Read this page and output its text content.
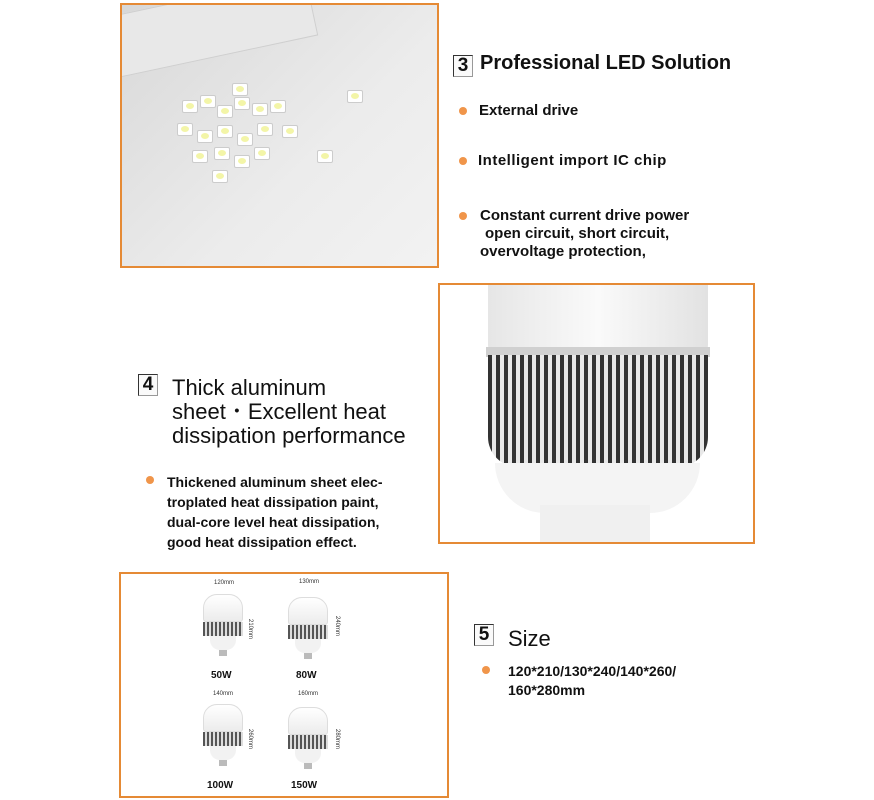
3 Professional LED Solution
External drive
Intelligent import IC chip
Constant current drive power
open circuit, short circuit,
overvoltage protection,
4 Thick aluminum
sheet・Excellent heat
dissipation performance
Thickened aluminum sheet elec-
troplated heat dissipation paint,
dual-core level heat dissipation,
good heat dissipation effect.
120mm
210mm
50W
130mm
240mm
80W
140mm
260mm
100W
160mm
280mm
150W
5 Size
120*210/130*240/140*260/
160*280mm
